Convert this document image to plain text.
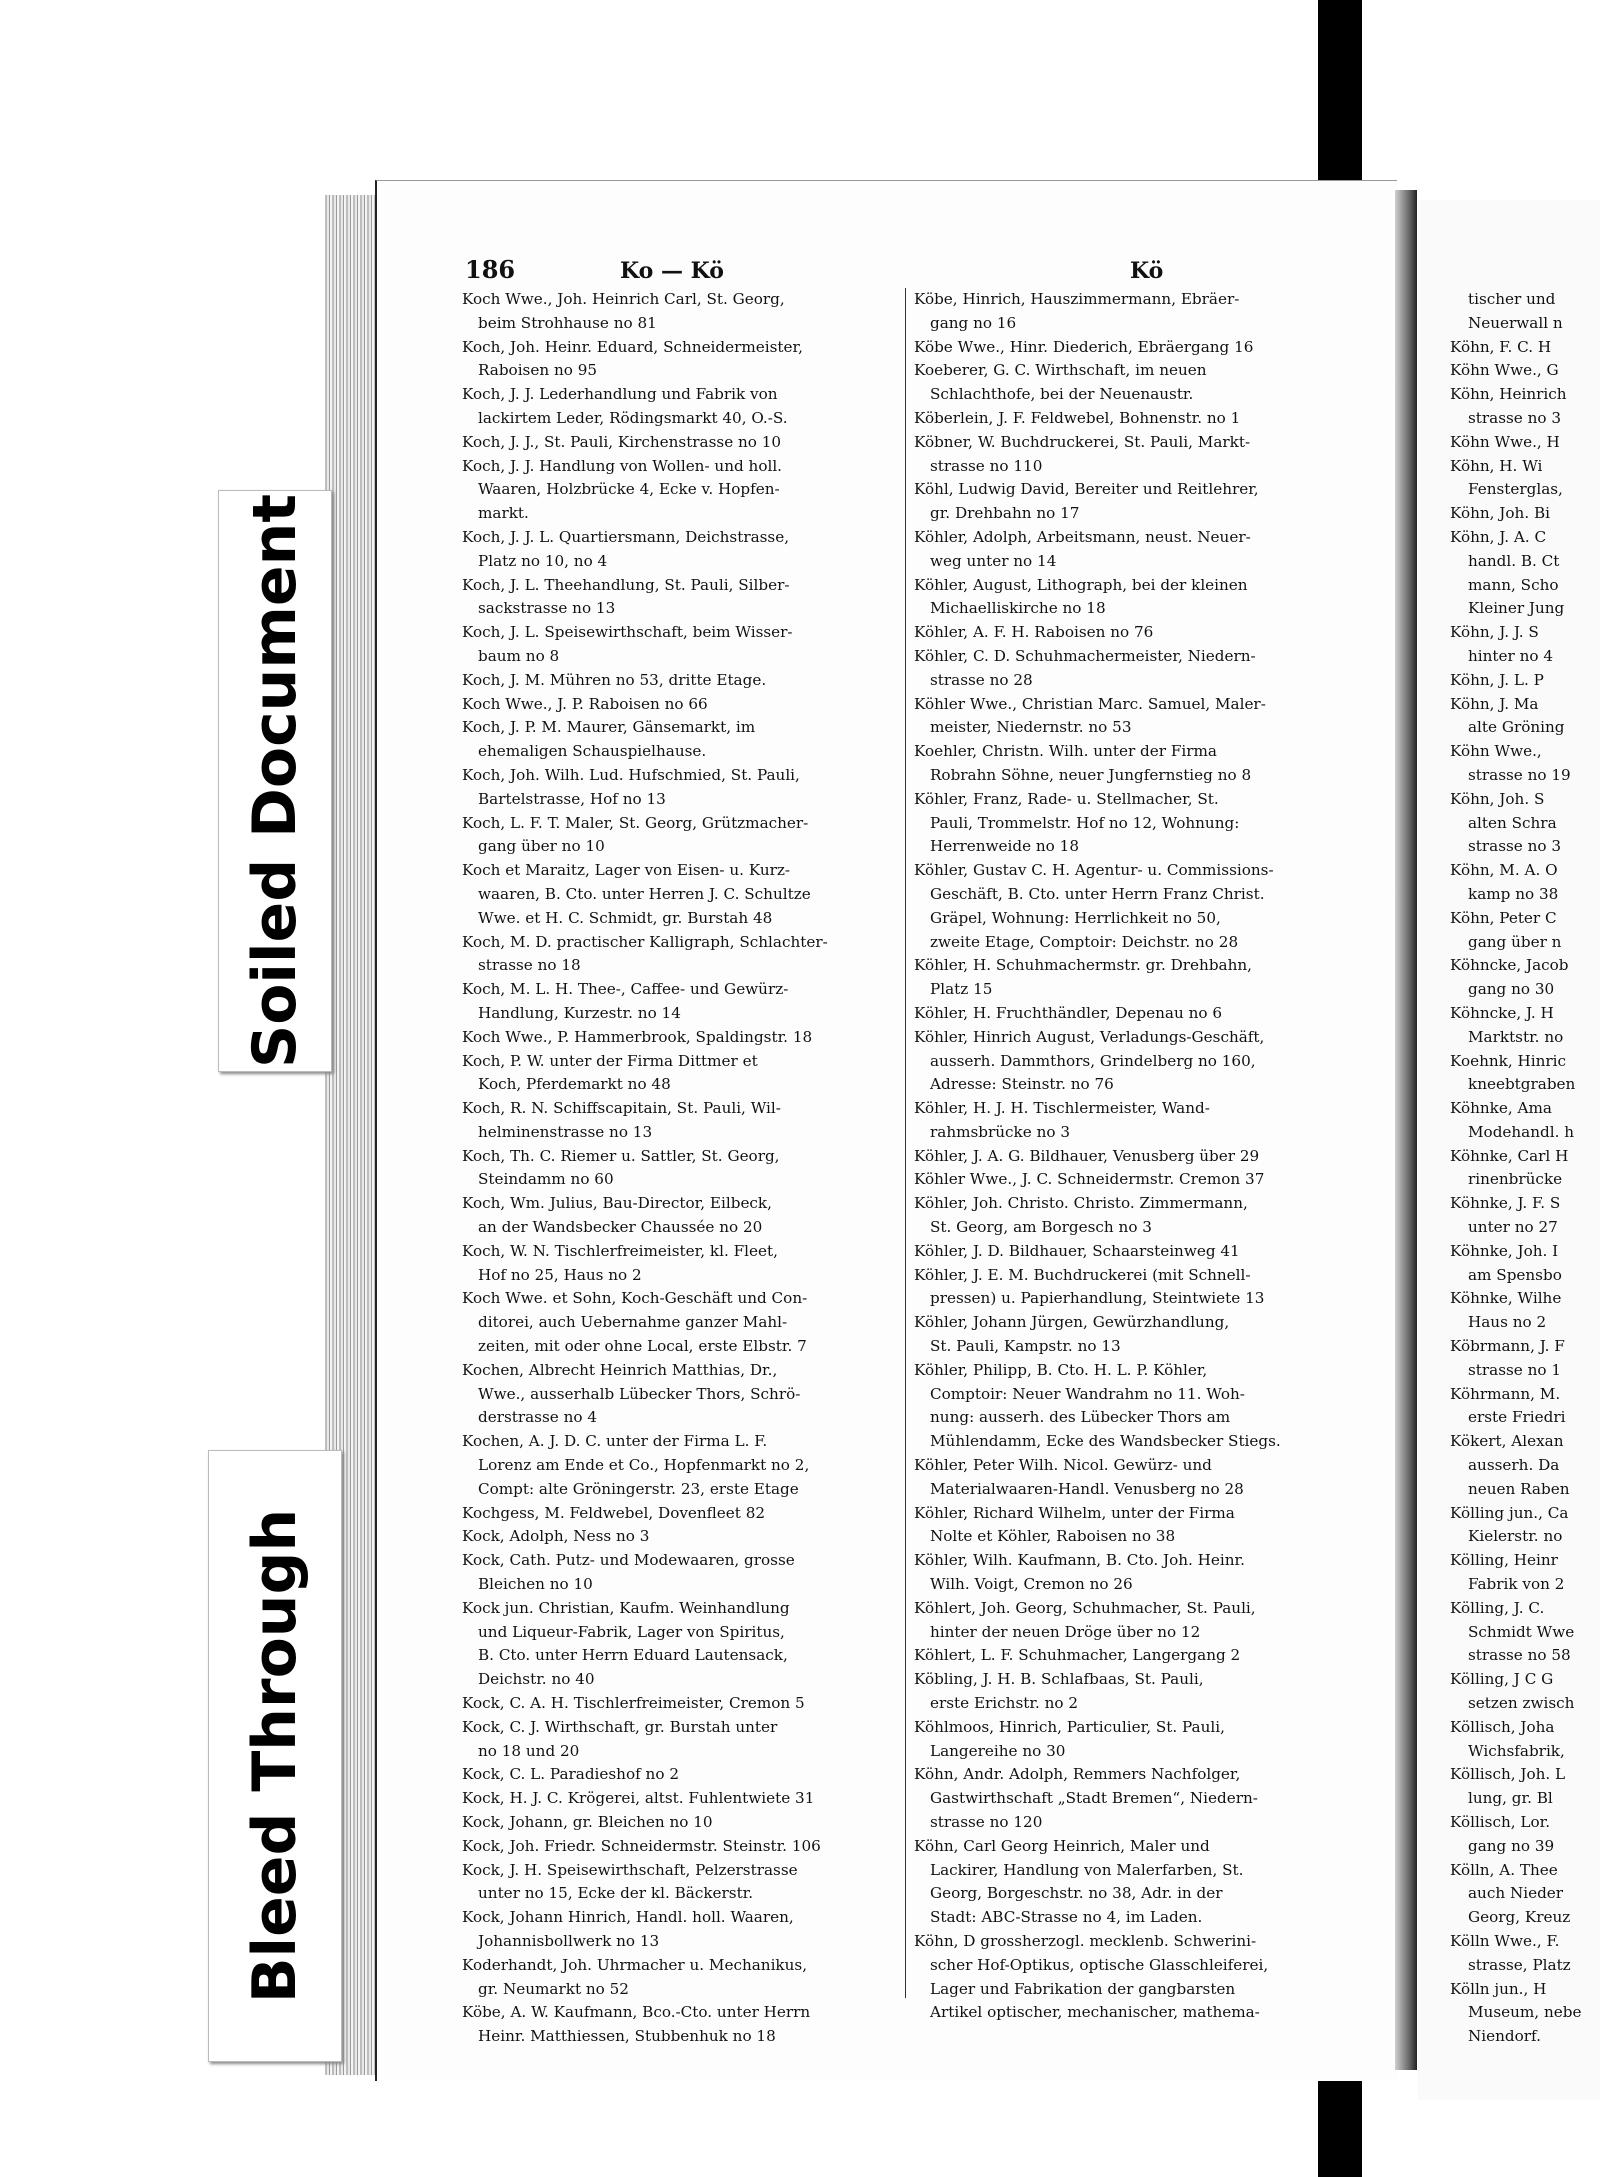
Soiled Document
Bleed Through
186	Ko — Kö	Kö
Koch Wwe., Joh. Heinrich Carl, St. Georg,
beim Strohhause no 81
Koch, Joh. Heinr. Eduard, Schneidermeister,
Raboisen no 95
Koch, J. J. Lederhandlung und Fabrik von
lackirtem Leder, Rödingsmarkt 40, O.-S.
Koch, J. J., St. Pauli, Kirchenstrasse no 10
Koch, J. J. Handlung von Wollen- und holl.
Waaren, Holzbrücke 4, Ecke v. Hopfen-
markt.
Koch, J. J. L. Quartiersmann, Deichstrasse,
Platz no 10, no 4
Koch, J. L. Theehandlung, St. Pauli, Silber-
sackstrasse no 13
Koch, J. L. Speisewirthschaft, beim Wisser-
baum no 8
Koch, J. M. Mühren no 53, dritte Etage.
Koch Wwe., J. P. Raboisen no 66
Koch, J. P. M. Maurer, Gänsemarkt, im
ehemaligen Schauspielhause.
Koch, Joh. Wilh. Lud. Hufschmied, St. Pauli,
Bartelstrasse, Hof no 13
Koch, L. F. T. Maler, St. Georg, Grützmacher-
gang über no 10
Koch et Maraitz, Lager von Eisen- u. Kurz-
waaren, B. Cto. unter Herren J. C. Schultze
Wwe. et H. C. Schmidt, gr. Burstah 48
Koch, M. D. practischer Kalligraph, Schlachter-
strasse no 18
Koch, M. L. H. Thee-, Caffee- und Gewürz-
Handlung, Kurzestr. no 14
Koch Wwe., P. Hammerbrook, Spaldingstr. 18
Koch, P. W. unter der Firma Dittmer et
Koch, Pferdemarkt no 48
Koch, R. N. Schiffscapitain, St. Pauli, Wil-
helminenstrasse no 13
Koch, Th. C. Riemer u. Sattler, St. Georg,
Steindamm no 60
Koch, Wm. Julius, Bau-Director, Eilbeck,
an der Wandsbecker Chaussée no 20
Koch, W. N. Tischlerfreimeister, kl. Fleet,
Hof no 25, Haus no 2
Koch Wwe. et Sohn, Koch-Geschäft und Con-
ditorei, auch Uebernahme ganzer Mahl-
zeiten, mit oder ohne Local, erste Elbstr. 7
Kochen, Albrecht Heinrich Matthias, Dr.,
Wwe., ausserhalb Lübecker Thors, Schrö-
derstrasse no 4
Kochen, A. J. D. C. unter der Firma L. F.
Lorenz am Ende et Co., Hopfenmarkt no 2,
Compt: alte Gröningerstr. 23, erste Etage
Kochgess, M. Feldwebel, Dovenfleet 82
Kock, Adolph, Ness no 3
Kock, Cath. Putz- und Modewaaren, grosse
Bleichen no 10
Kock jun. Christian, Kaufm. Weinhandlung
und Liqueur-Fabrik, Lager von Spiritus,
B. Cto. unter Herrn Eduard Lautensack,
Deichstr. no 40
Kock, C. A. H. Tischlerfreimeister, Cremon 5
Kock, C. J. Wirthschaft, gr. Burstah unter
no 18 und 20
Kock, C. L. Paradieshof no 2
Kock, H. J. C. Krögerei, altst. Fuhlentwiete 31
Kock, Johann, gr. Bleichen no 10
Kock, Joh. Friedr. Schneidermstr. Steinstr. 106
Kock, J. H. Speisewirthschaft, Pelzerstrasse
unter no 15, Ecke der kl. Bäckerstr.
Kock, Johann Hinrich, Handl. holl. Waaren,
Johannisbollwerk no 13
Koderhandt, Joh. Uhrmacher u. Mechanikus,
gr. Neumarkt no 52
Köbe, A. W. Kaufmann, Bco.-Cto. unter Herrn
Heinr. Matthiessen, Stubbenhuk no 18
Köbe, Hinrich, Hauszimmermann, Ebräer-
gang no 16
Köbe Wwe., Hinr. Diederich, Ebräergang 16
Koeberer, G. C. Wirthschaft, im neuen
Schlachthofe, bei der Neuenaustr.
Köberlein, J. F. Feldwebel, Bohnenstr. no 1
Köbner, W. Buchdruckerei, St. Pauli, Markt-
strasse no 110
Köhl, Ludwig David, Bereiter und Reitlehrer,
gr. Drehbahn no 17
Köhler, Adolph, Arbeitsmann, neust. Neuer-
weg unter no 14
Köhler, August, Lithograph, bei der kleinen
Michaelliskirche no 18
Köhler, A. F. H. Raboisen no 76
Köhler, C. D. Schuhmachermeister, Niedern-
strasse no 28
Köhler Wwe., Christian Marc. Samuel, Maler-
meister, Niedernstr. no 53
Koehler, Christn. Wilh. unter der Firma
Robrahn Söhne, neuer Jungfernstieg no 8
Köhler, Franz, Rade- u. Stellmacher, St.
Pauli, Trommelstr. Hof no 12, Wohnung:
Herrenweide no 18
Köhler, Gustav C. H. Agentur- u. Commissions-
Geschäft, B. Cto. unter Herrn Franz Christ.
Gräpel, Wohnung: Herrlichkeit no 50,
zweite Etage, Comptoir: Deichstr. no 28
Köhler, H. Schuhmachermstr. gr. Drehbahn,
Platz 15
Köhler, H. Fruchthändler, Depenau no 6
Köhler, Hinrich August, Verladungs-Geschäft,
ausserh. Dammthors, Grindelberg no 160,
Adresse: Steinstr. no 76
Köhler, H. J. H. Tischlermeister, Wand-
rahmsbrücke no 3
Köhler, J. A. G. Bildhauer, Venusberg über 29
Köhler Wwe., J. C. Schneidermstr. Cremon 37
Köhler, Joh. Christo. Christo. Zimmermann,
St. Georg, am Borgesch no 3
Köhler, J. D. Bildhauer, Schaarsteinweg 41
Köhler, J. E. M. Buchdruckerei (mit Schnell-
pressen) u. Papierhandlung, Steintwiete 13
Köhler, Johann Jürgen, Gewürzhandlung,
St. Pauli, Kampstr. no 13
Köhler, Philipp, B. Cto. H. L. P. Köhler,
Comptoir: Neuer Wandrahm no 11. Woh-
nung: ausserh. des Lübecker Thors am
Mühlendamm, Ecke des Wandsbecker Stiegs.
Köhler, Peter Wilh. Nicol. Gewürz- und
Materialwaaren-Handl. Venusberg no 28
Köhler, Richard Wilhelm, unter der Firma
Nolte et Köhler, Raboisen no 38
Köhler, Wilh. Kaufmann, B. Cto. Joh. Heinr.
Wilh. Voigt, Cremon no 26
Köhlert, Joh. Georg, Schuhmacher, St. Pauli,
hinter der neuen Dröge über no 12
Köhlert, L. F. Schuhmacher, Langergang 2
Köbling, J. H. B. Schlafbaas, St. Pauli,
erste Erichstr. no 2
Köhlmoos, Hinrich, Particulier, St. Pauli,
Langereihe no 30
Köhn, Andr. Adolph, Remmers Nachfolger,
Gastwirthschaft „Stadt Bremen“, Niedern-
strasse no 120
Köhn, Carl Georg Heinrich, Maler und
Lackirer, Handlung von Malerfarben, St.
Georg, Borgeschstr. no 38, Adr. in der
Stadt: ABC-Strasse no 4, im Laden.
Köhn, D grossherzogl. mecklenb. Schwerini-
scher Hof-Optikus, optische Glasschleiferei,
Lager und Fabrikation der gangbarsten
Artikel optischer, mechanischer, mathema-
tischer und
Neuerwall n
Köhn, F. C. H
Köhn Wwe., G
Köhn, Heinrich
strasse no 3
Köhn Wwe., H
Köhn, H. Wi
Fensterglas,
Köhn, Joh. Bi
Köhn, J. A. C
handl. B. Ct
mann, Scho
Kleiner Jung
Köhn, J. J. S
hinter no 4
Köhn, J. L. P
Köhn, J. Ma
alte Gröning
Köhn Wwe.,
strasse no 19
Köhn, Joh. S
alten Schra
strasse no 3
Köhn, M. A. O
kamp no 38
Köhn, Peter C
gang über n
Köhncke, Jacob
gang no 30
Köhncke, J. H
Marktstr. no
Koehnk, Hinric
kneebtgraben
Köhnke, Ama
Modehandl. h
Köhnke, Carl H
rinenbrücke
Köhnke, J. F. S
unter no 27
Köhnke, Joh. I
am Spensbo
Köhnke, Wilhe
Haus no 2
Köbrmann, J. F
strasse no 1
Köhrmann, M.
erste Friedri
Kökert, Alexan
ausserh. Da
neuen Raben
Kölling jun., Ca
Kielerstr. no
Kölling, Heinr
Fabrik von 2
Kölling, J. C.
Schmidt Wwe
strasse no 58
Kölling, J C G
setzen zwisch
Köllisch, Joha
Wichsfabrik,
Köllisch, Joh. L
lung, gr. Bl
Köllisch, Lor.
gang no 39
Kölln, A. Thee
auch Nieder
Georg, Kreuz
Kölln Wwe., F.
strasse, Platz
Kölln jun., H
Museum, nebe
Niendorf.
